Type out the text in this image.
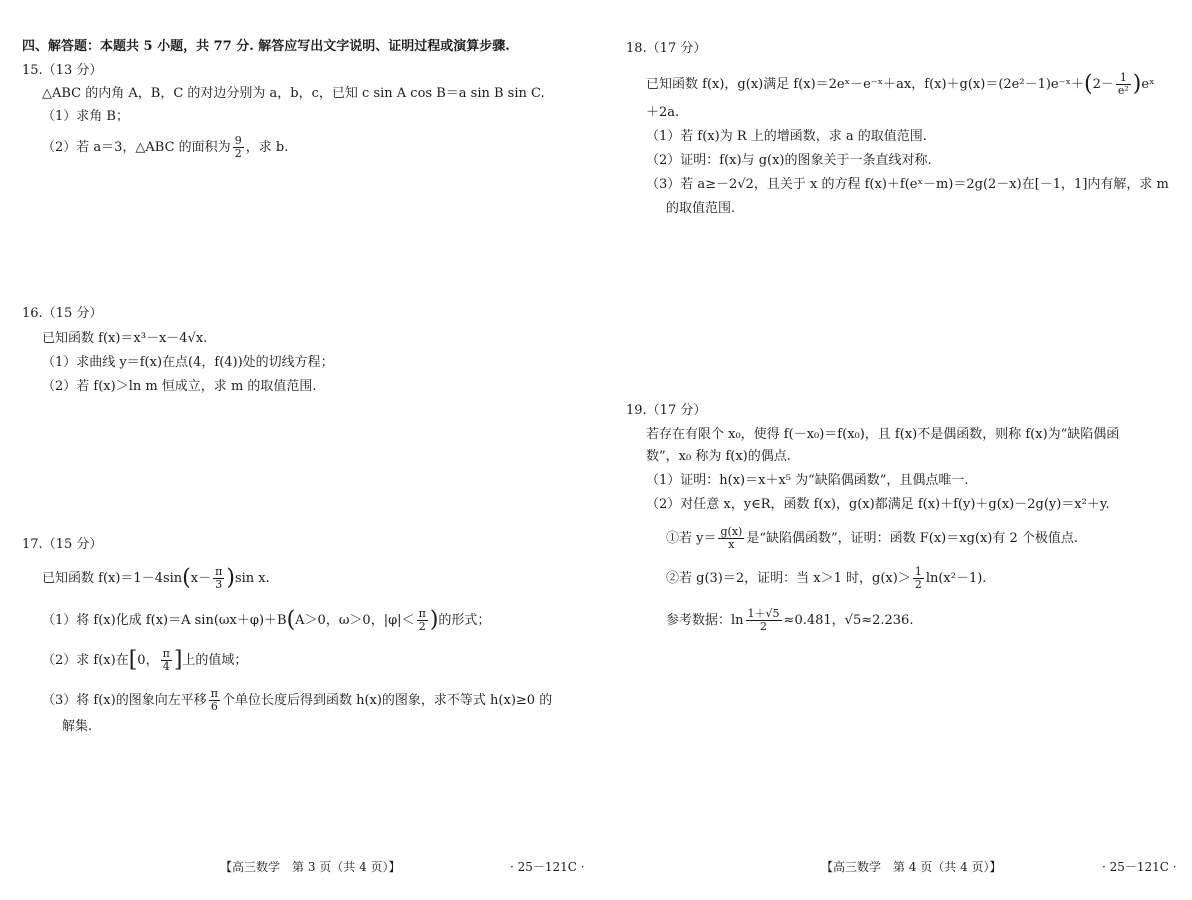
四、解答题：本题共 5 小题，共 77 分. 解答应写出文字说明、证明过程或演算步骤.
15.（13 分）
△ABC 的内角 A，B，C 的对边分别为 a，b，c，已知 c sin A cos B＝a sin B sin C.
（1）求角 B；
（2）若 a＝3，△ABC 的面积为 $\frac{9}{2}$ ，求 b.
16.（15 分）
已知函数 f(x)＝x³－x－4√x.
（1）求曲线 y＝f(x)在点(4，f(4))处的切线方程；
（2）若 f(x)＞ln m 恒成立，求 m 的取值范围.
17.（15 分）
已知函数 $f(x)=1-4\sin(x- \frac{\pi}{3} )\sin$ x.
（1）将 f(x)化成 f(x)＝A sin(ωx＋φ)＋B(A＞0，ω＞0，$|\varphi|< \frac{\pi}{2}$ )的形式；
（2）求 f(x)在[0， $\frac{\pi}{4}$ ]上的值域；
（3）将 f(x)的图象向左平移 $\frac{\pi}{6}$ 个单位长度后得到函数 h(x)的图象，求不等式 h(x)≥0 的
解集.
【高三数学　第 3 页（共 4 页）】	· 25－121C ·
18.（17 分）
已知函数 f(x)，g(x)满足 f(x)＝2eˣ－e⁻ˣ＋ax，f(x)＋g(x)＝(2e²－1)e⁻ˣ＋(2－ $\frac{1}{\text{e²}}$ )eˣ
＋2a.
（1）若 f(x)为 R 上的增函数，求 a 的取值范围.
（2）证明：f(x)与 g(x)的图象关于一条直线对称.
（3）若 a≥－2√2，且关于 x 的方程 f(x)＋f(eˣ－m)＝2g(2－x)在[－1，1]内有解，求 m
的取值范围.
19.（17 分）
若存在有限个 x₀，使得 f(－x₀)＝f(x₀)，且 f(x)不是偶函数，则称 f(x)为“缺陷偶函
数”，x₀ 称为 f(x)的偶点.
（1）证明：h(x)＝x＋x⁵ 为“缺陷偶函数”，且偶点唯一.
（2）对任意 x，y∈R，函数 f(x)，g(x)都满足 f(x)＋f(y)＋g(x)－2g(y)＝x²＋y.
①若 $y= \frac{g(x)}{x}$ 是“缺陷偶函数”，证明：函数 F(x)＝xg(x)有 2 个极值点.
②若 g(3)＝2，证明：当 x＞1 时，$g(x)> \frac{1}{2} \ln(x^2-1)$.
参考数据：$\ln \frac{1+√5}{2} \approx 0.481$，√5≈2.236.
【高三数学　第 4 页（共 4 页）】	· 25－121C ·
